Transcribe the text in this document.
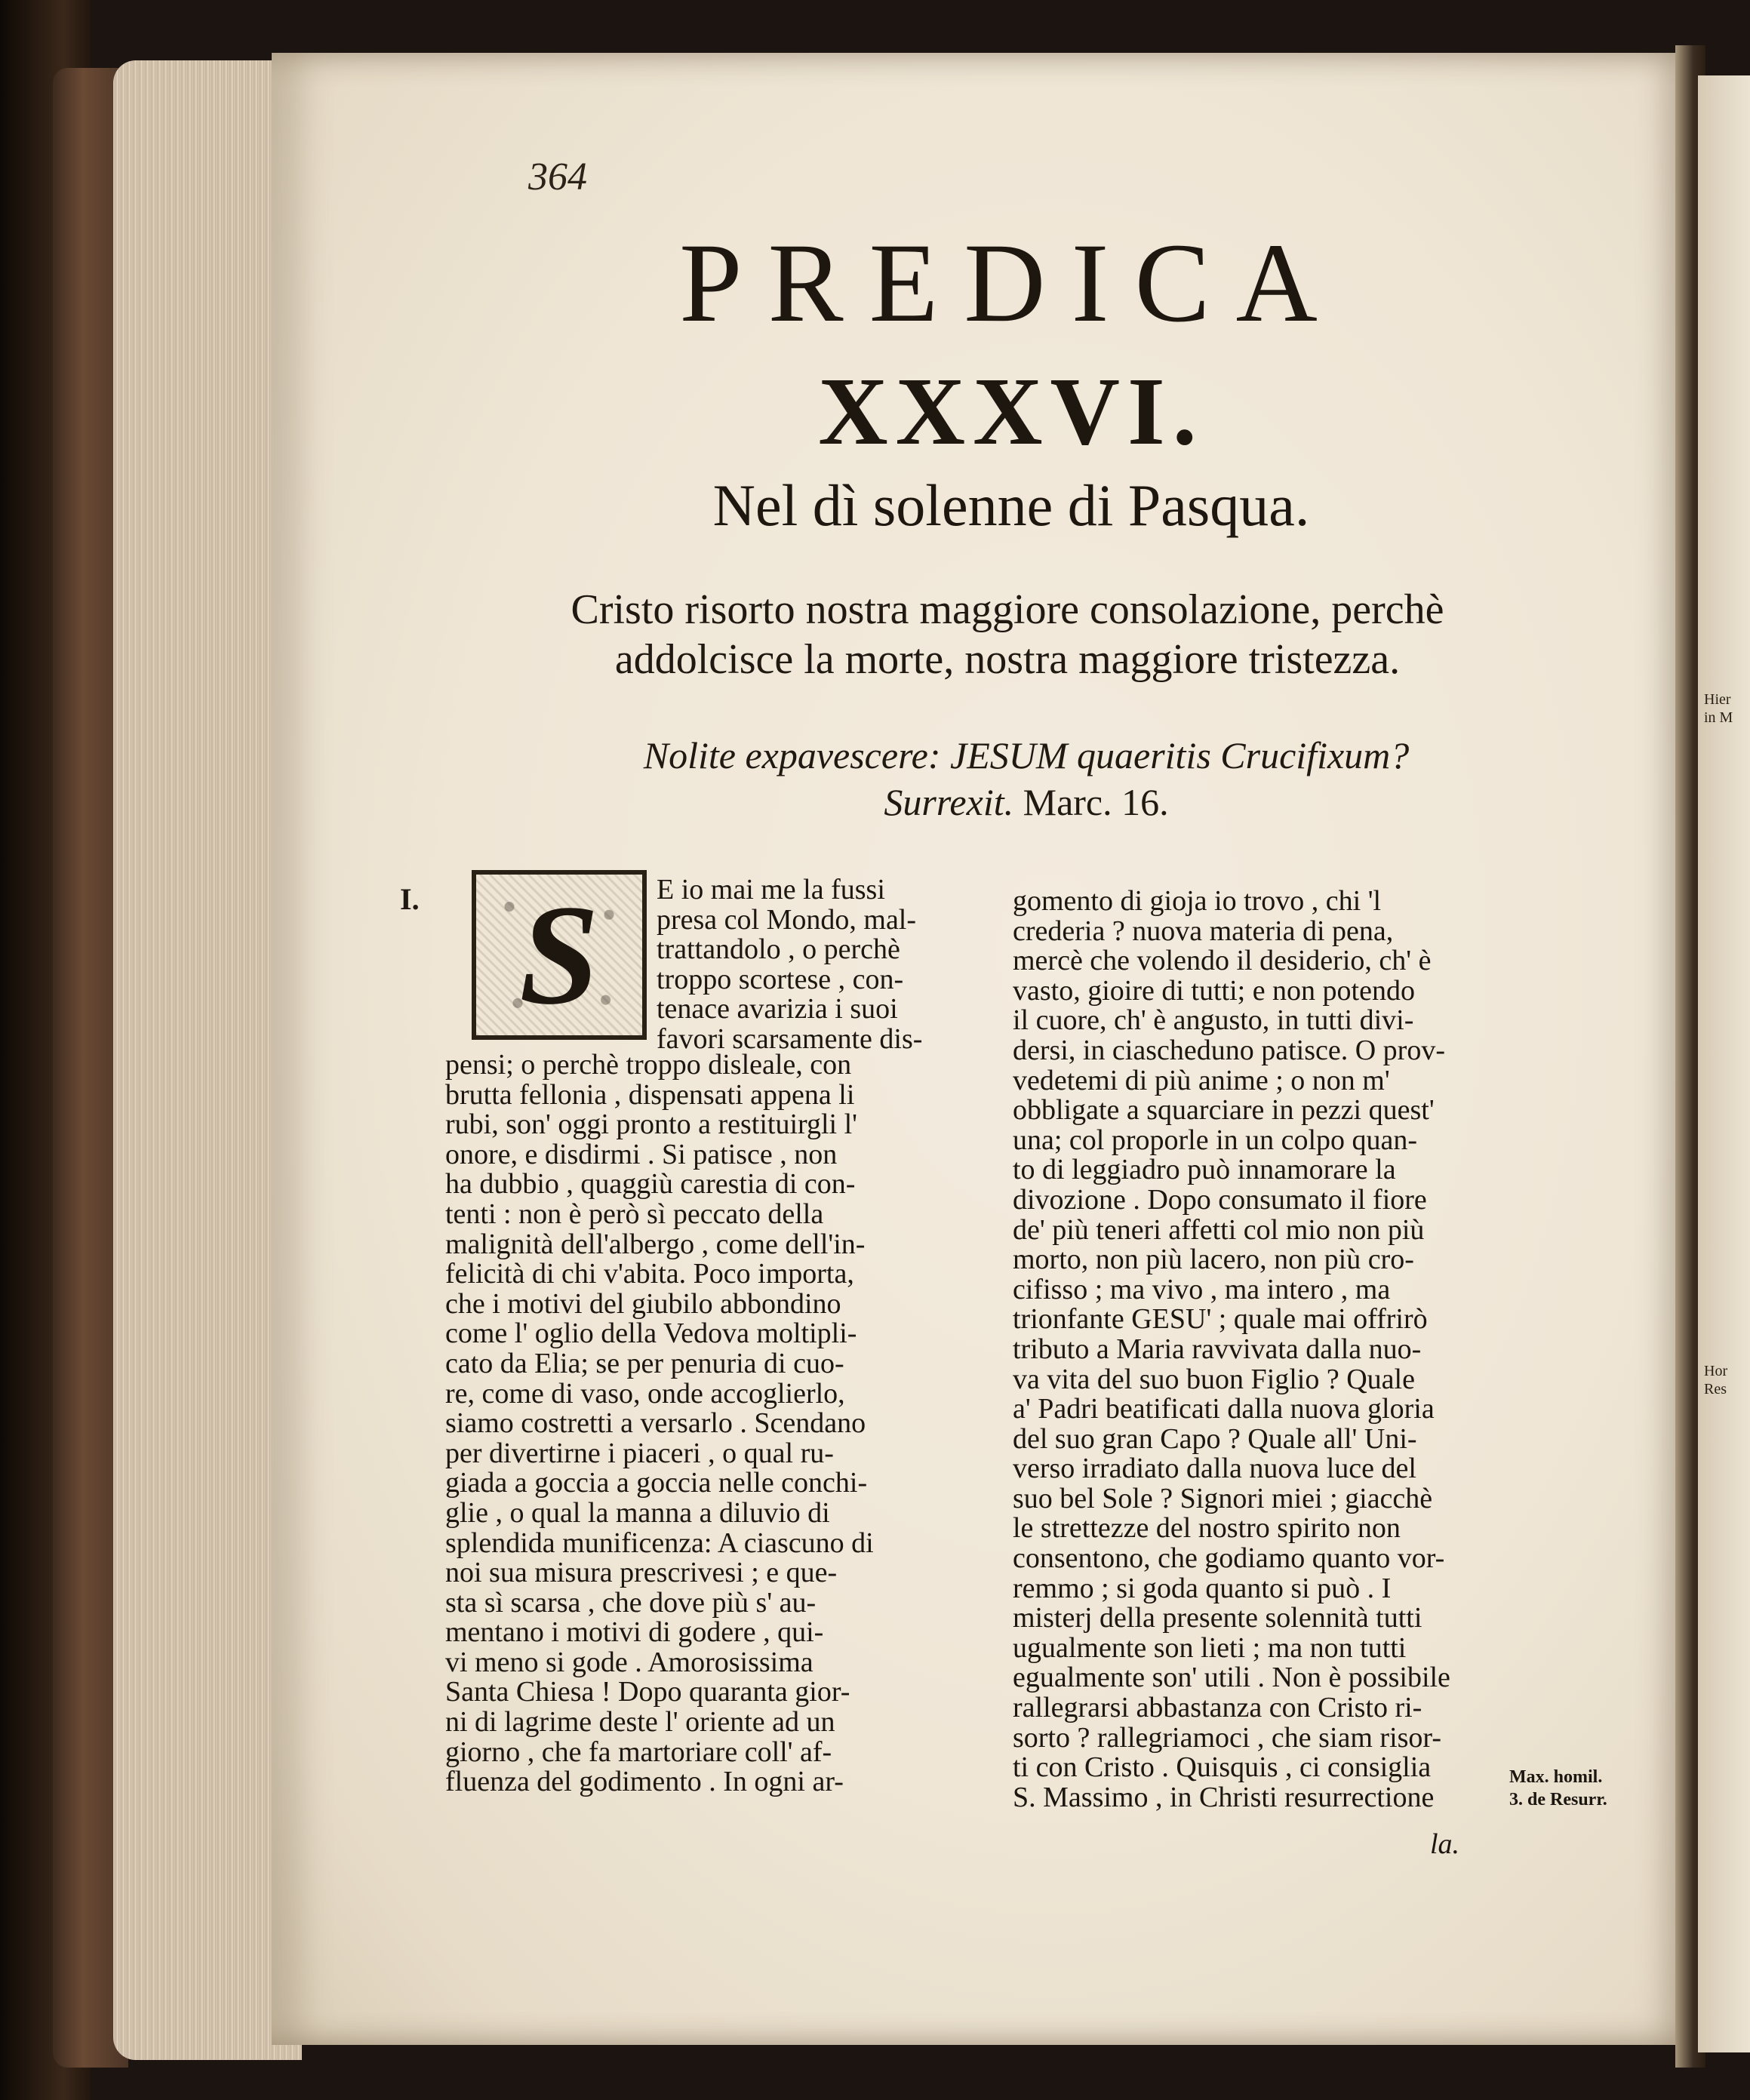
Hier
in M
Hor
Res
364
PREDICA
XXXVI.
Nel dì solenne di Pasqua.
Cristo risorto nostra maggiore consolazione, perchè
addolcisce la morte, nostra maggiore tristezza.
Nolite expavescere: JESUM quaeritis Crucifixum?
Surrexit. Marc. 16.
I. S E io mai me la fussi
presa col Mondo, mal-
trattandolo , o perchè
troppo scortese , con-
tenace avarizia i suoi
favori scarsamente dis-
pensi; o perchè troppo disleale, con
brutta fellonia , dispensati appena li
rubi, son' oggi pronto a restituirgli l'
onore, e disdirmi . Si patisce , non
ha dubbio , quaggiù carestia di con-
tenti : non è però sì peccato della
malignità dell'albergo , come dell'in-
felicità di chi v'abita. Poco importa,
che i motivi del giubilo abbondino
come l' oglio della Vedova moltipli-
cato da Elia; se per penuria di cuo-
re, come di vaso, onde accoglierlo,
siamo costretti a versarlo . Scendano
per divertirne i piaceri , o qual ru-
giada a goccia a goccia nelle conchi-
glie , o qual la manna a diluvio di
splendida munificenza: A ciascuno di
noi sua misura prescrivesi ; e que-
sta sì scarsa , che dove più s' au-
mentano i motivi di godere , qui-
vi meno si gode . Amorosissima
Santa Chiesa ! Dopo quaranta gior-
ni di lagrime deste l' oriente ad un
giorno , che fa martoriare coll' af-
fluenza del godimento . In ogni ar-
gomento di gioja io trovo , chi 'l
crederia ? nuova materia di pena,
mercè che volendo il desiderio, ch' è
vasto, gioire di tutti; e non potendo
il cuore, ch' è angusto, in tutti divi-
dersi, in ciascheduno patisce. O prov-
vedetemi di più anime ; o non m'
obbligate a squarciare in pezzi quest'
una; col proporle in un colpo quan-
to di leggiadro può innamorare la
divozione . Dopo consumato il fiore
de' più teneri affetti col mio non più
morto, non più lacero, non più cro-
cifisso ; ma vivo , ma intero , ma
trionfante GESU' ; quale mai offrirò
tributo a Maria ravvivata dalla nuo-
va vita del suo buon Figlio ? Quale
a' Padri beatificati dalla nuova gloria
del suo gran Capo ? Quale all' Uni-
verso irradiato dalla nuova luce del
suo bel Sole ? Signori miei ; giacchè
le strettezze del nostro spirito non
consentono, che godiamo quanto vor-
remmo ; si goda quanto si può . I
misterj della presente solennità tutti
ugualmente son lieti ; ma non tutti
egualmente son' utili . Non è possibile
rallegrarsi abbastanza con Cristo ri-
sorto ? rallegriamoci , che siam risor-
ti con Cristo . Quisquis , ci consiglia
S. Massimo , in Christi resurrectione
Max. homil.
3. de Resurr.
la.
